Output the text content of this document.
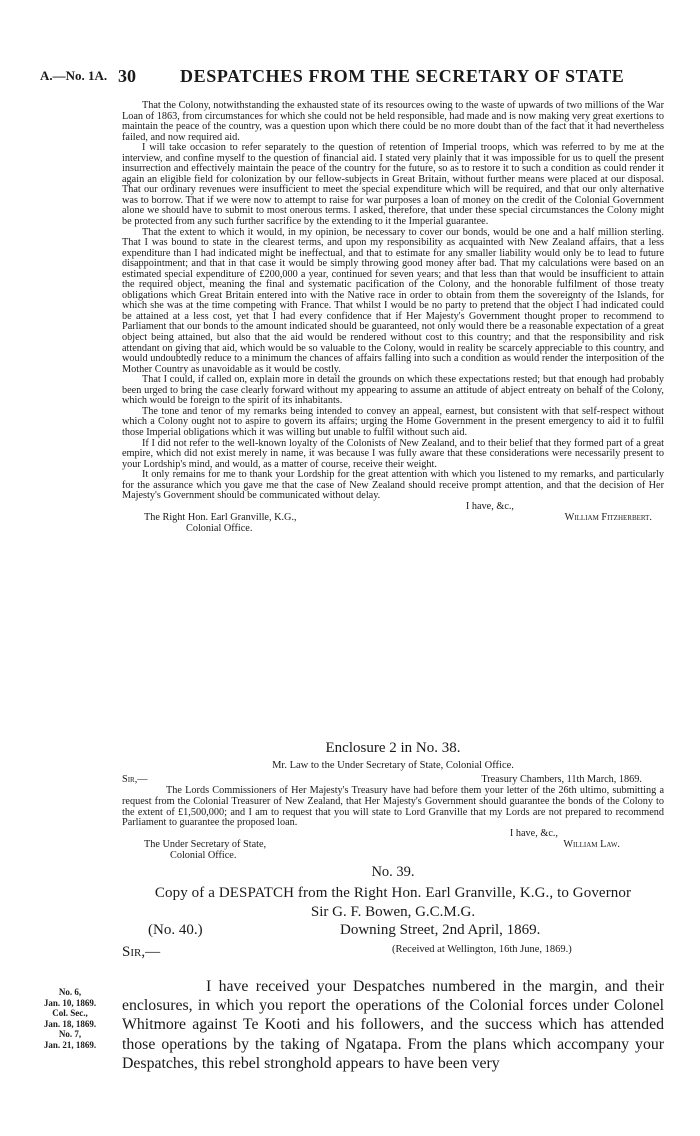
A.—No. 1A. 30 DESPATCHES FROM THE SECRETARY OF STATE

That the Colony, notwithstanding the exhausted state of its resources owing to the waste of upwards of two millions of the War Loan of 1863, from circumstances for which she could not be held responsible, had made and is now making very great exertions to maintain the peace of the country, was a question upon which there could be no more doubt than of the fact that it had nevertheless failed, and now required aid.

I will take occasion to refer separately to the question of retention of Imperial troops, which was referred to by me at the interview, and confine myself to the question of financial aid. I stated very plainly that it was impossible for us to quell the present insurrection and effectively maintain the peace of the country for the future, so as to restore it to such a condition as could render it again an eligible field for colonization by our fellow-subjects in Great Britain, without further means were placed at our disposal. That our ordinary revenues were insufficient to meet the special expenditure which will be required, and that our only alternative was to borrow. That if we were now to attempt to raise for war purposes a loan of money on the credit of the Colonial Government alone we should have to submit to most onerous terms. I asked, therefore, that under these special circumstances the Colony might be protected from any such further sacrifice by the extending to it the Imperial guarantee.

That the extent to which it would, in my opinion, be necessary to cover our bonds, would be one and a half million sterling. That I was bound to state in the clearest terms, and upon my responsibility as acquainted with New Zealand affairs, that a less expenditure than I had indicated might be ineffectual, and that to estimate for any smaller liability would only be to lead to future disappointment; and that in that case it would be simply throwing good money after bad. That my calculations were based on an estimated special expenditure of £200,000 a year, continued for seven years; and that less than that would be insufficient to attain the required object, meaning the final and systematic pacification of the Colony, and the honorable fulfilment of those treaty obligations which Great Britain entered into with the Native race in order to obtain from them the sovereignty of the Islands, for which she was at the time competing with France. That whilst I would be no party to pretend that the object I had indicated could be attained at a less cost, yet that I had every confidence that if Her Majesty's Government thought proper to recommend to Parliament that our bonds to the amount indicated should be guaranteed, not only would there be a reasonable expectation of a great object being attained, but also that the aid would be rendered without cost to this country; and that the responsibility and risk attendant on giving that aid, which would be so valuable to the Colony, would in reality be scarcely appreciable to this country, and would undoubtedly reduce to a minimum the chances of affairs falling into such a condition as would render the interposition of the Mother Country as unavoidable as it would be costly.

That I could, if called on, explain more in detail the grounds on which these expectations rested; but that enough had probably been urged to bring the case clearly forward without my appearing to assume an attitude of abject entreaty on behalf of the Colony, which would be foreign to the spirit of its inhabitants.

The tone and tenor of my remarks being intended to convey an appeal, earnest, but consistent with that self-respect without which a Colony ought not to aspire to govern its affairs; urging the Home Government in the present emergency to aid it to fulfil those Imperial obligations which it was willing but unable to fulfil without such aid.

If I did not refer to the well-known loyalty of the Colonists of New Zealand, and to their belief that they formed part of a great empire, which did not exist merely in name, it was because I was fully aware that these considerations were necessarily present to your Lordship's mind, and would, as a matter of course, receive their weight.

It only remains for me to thank your Lordship for the great attention with which you listened to my remarks, and particularly for the assurance which you gave me that the case of New Zealand should receive prompt attention, and that the decision of Her Majesty's Government should be communicated without delay.

I have, &c.,
The Right Hon. Earl Granville, K.G.,	William Fitzherbert.
Colonial Office.
Enclosure 2 in No. 38.
Mr. Law to the Under Secretary of State, Colonial Office.
Sir,—	Treasury Chambers, 11th March, 1869.

The Lords Commissioners of Her Majesty's Treasury have had before them your letter of the 26th ultimo, submitting a request from the Colonial Treasurer of New Zealand, that Her Majesty's Government should guarantee the bonds of the Colony to the extent of £1,500,000; and I am to request that you will state to Lord Granville that my Lords are not prepared to recommend Parliament to guarantee the proposed loan.

I have, &c.,
The Under Secretary of State,	William Law.
Colonial Office.
No. 39.
Copy of a DESPATCH from the Right Hon. Earl Granville, K.G., to Governor
Sir G. F. Bowen, G.C.M.G.
(No. 40.)	Downing Street, 2nd April, 1869.
Sir,—	(Received at Wellington, 16th June, 1869.)

I have received your Despatches numbered in the margin, and their enclosures, in which you report the operations of the Colonial forces under Colonel Whitmore against Te Kooti and his followers, and the success which has attended those operations by the taking of Ngatapa. From the plans which accompany your Despatches, this rebel stronghold appears to have been very

No. 6,
Jan. 10, 1869.
Col. Sec.,
Jan. 18, 1869.
No. 7,
Jan. 21, 1869.
